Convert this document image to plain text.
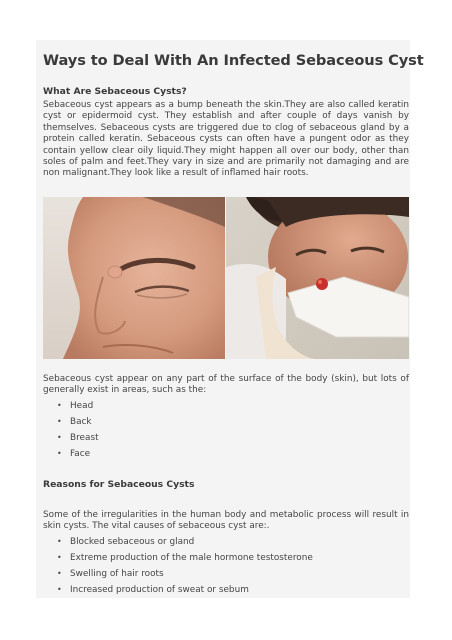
Ways to Deal With An Infected Sebaceous Cyst
What Are Sebaceous Cysts?

Sebaceous cyst appears as a bump beneath the skin.They are also called keratin cyst or epidermoid cyst. They establish and after couple of days vanish by themselves. Sebaceous cysts are triggered due to clog of sebaceous gland by a protein called keratin. Sebaceous cysts can often have a pungent odor as they contain yellow clear oily liquid.They might happen all over our body, other than soles of palm and feet.They vary in size and are primarily not damaging and are non malignant.They look like a result of inflamed hair roots.

Sebaceous cyst appear on any part of the surface of the body (skin), but lots of generally exist in areas, such as the:

• Head
• Back
• Breast
• Face
Reasons for Sebaceous Cysts

Some of the irregularities in the human body and metabolic process will result in skin cysts. The vital causes of sebaceous cyst are:.

• Blocked sebaceous or gland
• Extreme production of the male hormone testosterone
• Swelling of hair roots
• Increased production of sweat or sebum
